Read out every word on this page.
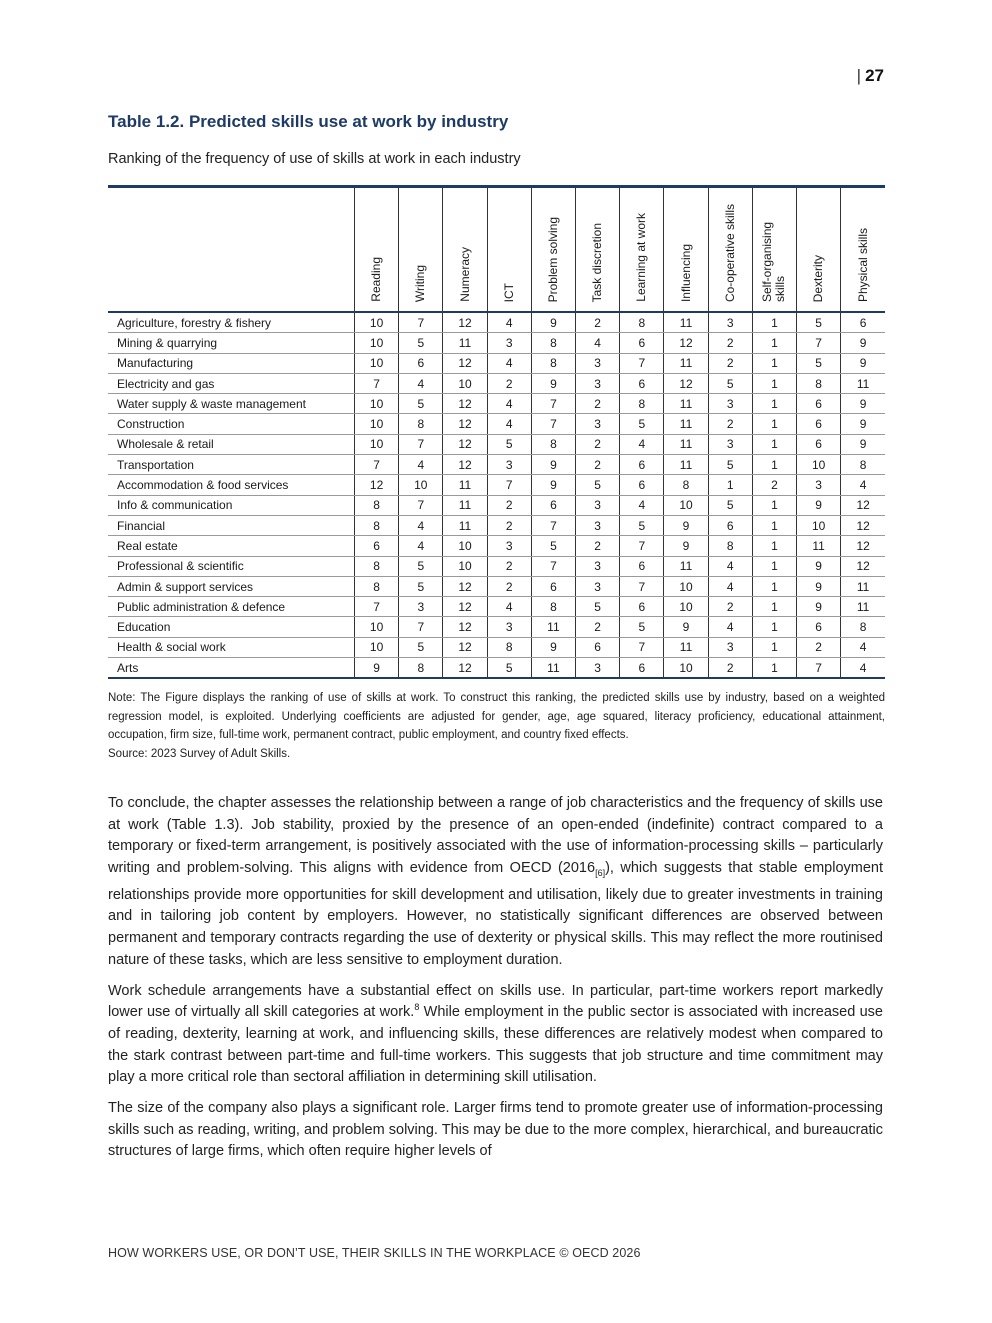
| 27
Table 1.2. Predicted skills use at work by industry
Ranking of the frequency of use of skills at work in each industry
	Reading	Writing	Numeracy	ICT	Problem solving	Task discretion	Learning at work	Influencing	Co-operative skills	Self-organising skills	Dexterity	Physical skills
Agriculture, forestry & fishery	10	7	12	4	9	2	8	11	3	1	5	6
Mining & quarrying	10	5	11	3	8	4	6	12	2	1	7	9
Manufacturing	10	6	12	4	8	3	7	11	2	1	5	9
Electricity and gas	7	4	10	2	9	3	6	12	5	1	8	11
Water supply & waste management	10	5	12	4	7	2	8	11	3	1	6	9
Construction	10	8	12	4	7	3	5	11	2	1	6	9
Wholesale & retail	10	7	12	5	8	2	4	11	3	1	6	9
Transportation	7	4	12	3	9	2	6	11	5	1	10	8
Accommodation & food services	12	10	11	7	9	5	6	8	1	2	3	4
Info & communication	8	7	11	2	6	3	4	10	5	1	9	12
Financial	8	4	11	2	7	3	5	9	6	1	10	12
Real estate	6	4	10	3	5	2	7	9	8	1	11	12
Professional & scientific	8	5	10	2	7	3	6	11	4	1	9	12
Admin & support services	8	5	12	2	6	3	7	10	4	1	9	11
Public administration & defence	7	3	12	4	8	5	6	10	2	1	9	11
Education	10	7	12	3	11	2	5	9	4	1	6	8
Health & social work	10	5	12	8	9	6	7	11	3	1	2	4
Arts	9	8	12	5	11	3	6	10	2	1	7	4
Note: The Figure displays the ranking of use of skills at work. To construct this ranking, the predicted skills use by industry, based on a weighted regression model, is exploited. Underlying coefficients are adjusted for gender, age, age squared, literacy proficiency, educational attainment, occupation, firm size, full-time work, permanent contract, public employment, and country fixed effects.
Source: 2023 Survey of Adult Skills.

To conclude, the chapter assesses the relationship between a range of job characteristics and the frequency of skills use at work (Table 1.3). Job stability, proxied by the presence of an open-ended (indefinite) contract compared to a temporary or fixed-term arrangement, is positively associated with the use of information-processing skills – particularly writing and problem-solving. This aligns with evidence from OECD $(2016_{[6]})$, which suggests that stable employment relationships provide more opportunities for skill development and utilisation, likely due to greater investments in training and in tailoring job content by employers. However, no statistically significant differences are observed between permanent and temporary contracts regarding the use of dexterity or physical skills. This may reflect the more routinised nature of these tasks, which are less sensitive to employment duration.

Work schedule arrangements have a substantial effect on skills use. In particular, part-time workers report markedly lower use of virtually all skill categories at work.$^8$ While employment in the public sector is associated with increased use of reading, dexterity, learning at work, and influencing skills, these differences are relatively modest when compared to the stark contrast between part-time and full-time workers. This suggests that job structure and time commitment may play a more critical role than sectoral affiliation in determining skill utilisation.

The size of the company also plays a significant role. Larger firms tend to promote greater use of information-processing skills such as reading, writing, and problem solving. This may be due to the more complex, hierarchical, and bureaucratic structures of large firms, which often require higher levels of

HOW WORKERS USE, OR DON’T USE, THEIR SKILLS IN THE WORKPLACE © OECD 2026
